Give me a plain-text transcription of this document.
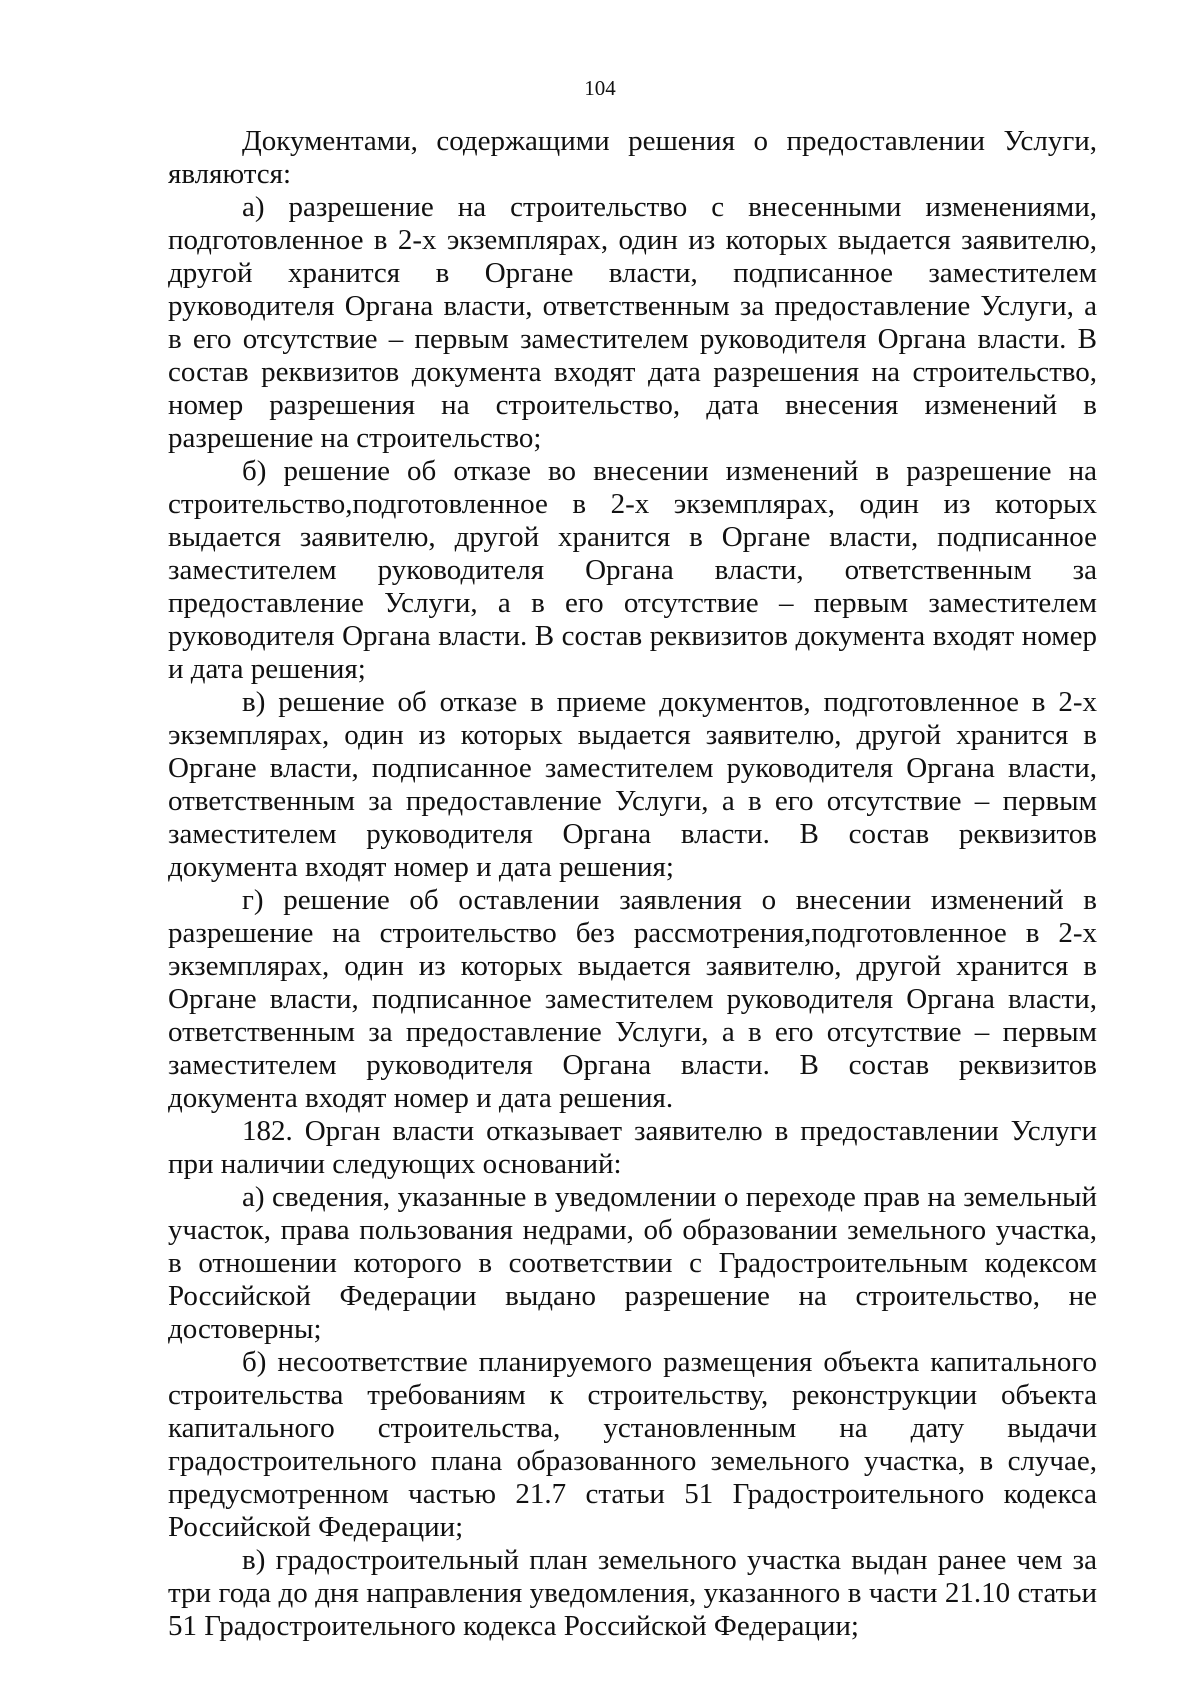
104

Документами, содержащими решения о предоставлении Услуги, являются:

а) разрешение на строительство с внесенными изменениями, подготовленное в 2-х экземплярах, один из которых выдается заявителю, другой хранится в Органе власти, подписанное заместителем руководителя Органа власти, ответственным за предоставление Услуги, а в его отсутствие – первым заместителем руководителя Органа власти. В состав реквизитов документа входят дата разрешения на строительство, номер разрешения на строительство, дата внесения изменений в разрешение на строительство;

б) решение об отказе во внесении изменений в разрешение на строительство,подготовленное в 2-х экземплярах, один из которых выдается заявителю, другой хранится в Органе власти, подписанное заместителем руководителя Органа власти, ответственным за предоставление Услуги, а в его отсутствие – первым заместителем руководителя Органа власти. В состав реквизитов документа входят номер и дата решения;

в) решение об отказе в приеме документов, подготовленное в 2-х экземплярах, один из которых выдается заявителю, другой хранится в Органе власти, подписанное заместителем руководителя Органа власти, ответственным за предоставление Услуги, а в его отсутствие – первым заместителем руководителя Органа власти. В состав реквизитов документа входят номер и дата решения;

г) решение об оставлении заявления о внесении изменений в разрешение на строительство без рассмотрения,подготовленное в 2-х экземплярах, один из которых выдается заявителю, другой хранится в Органе власти, подписанное заместителем руководителя Органа власти, ответственным за предоставление Услуги, а в его отсутствие – первым заместителем руководителя Органа власти. В состав реквизитов документа входят номер и дата решения.

182. Орган власти отказывает заявителю в предоставлении Услуги при наличии следующих оснований:

а) сведения, указанные в уведомлении о переходе прав на земельный участок, права пользования недрами, об образовании земельного участка, в отношении которого в соответствии с Градостроительным кодексом Российской Федерации выдано разрешение на строительство, не достоверны;

б) несоответствие планируемого размещения объекта капитального строительства требованиям к строительству, реконструкции объекта капитального строительства, установленным на дату выдачи градостроительного плана образованного земельного участка, в случае, предусмотренном частью 21.7 статьи 51 Градостроительного кодекса Российской Федерации;

в) градостроительный план земельного участка выдан ранее чем за три года до дня направления уведомления, указанного в части 21.10 статьи 51 Градостроительного кодекса Российской Федерации;
